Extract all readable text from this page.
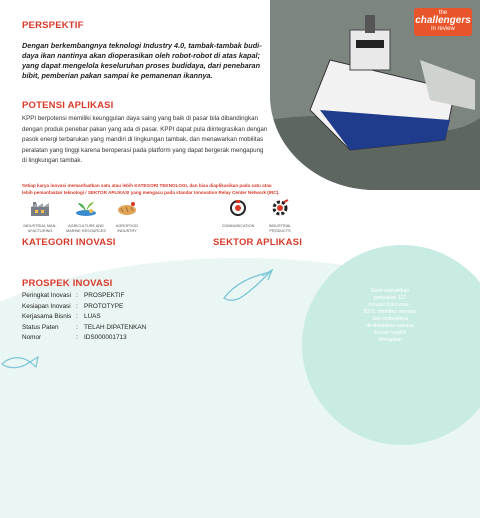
the
challengers
in review
PERSPEKTIF
Dengan berkembangnya teknologi Industry 4.0, tambak-tambak budi-
daya ikan nantinya akan dioperasikan oleh robot-robot di atas kapal;
yang dapat mengelola keseluruhan proses budidaya, dari penebaran
bibit, pemberian pakan sampai ke pemanenan ikannya.
POTENSI APLIKASI
KPPI berpotensi memiliki keunggulan daya saing yang baik di pasar bila dibandingkan
dengan produk penebar pakan yang ada di pasar. KPPI dapat pula diintegrasikan dengan
pasok energi terbarukan yang mandiri di lingkungan tambak, dan menawarkan mobilitas
peralatan yang tinggi karena beroperasi pada platform yang dapat bergerak mengapung
di lingkungan tambak.
Setiap karya inovasi memanfaatkan satu atau lebih KATEGORI TEKNOLOGI, dan bisa diaplikasikan pada satu atau
lebih pemanfaatan teknologi / SEKTOR APLIKASI yang mengacu pada standar Innovation Relay Center Network (IRC).
INDUSTRIAL MAN-
UFACTURING
AGRICULTURE AND
MARINE RESOURCES
AGROFOOD
INDUSTRY
COMMUNICATION	INDUSTRIAL
PRODUCTS
KATEGORI INOVASI	SEKTOR APLIKASI
PROSPEK INOVASI
Peringkat Inovasi : PROSPEKTIF
Kesiapan Inovasi : PROTOTYPE
Kerjasama Bisnis : LUAS
Status Paten	: TELAH DIPATENKAN
Nomor	: IDS000001713
Demi menaikkan
penjualan 112
Inovasi Indonesia -
2021, identitas inovator
dan institusinya
dirahasiakan sampai
inovasi terpilih
ditetapkan
